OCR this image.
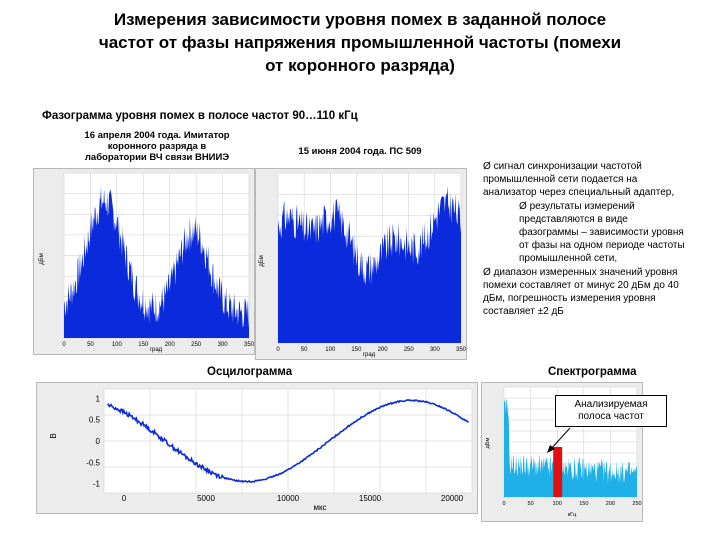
Измерения зависимости уровня помех в заданной полосе
частот от фазы напряжения промышленной частоты (помехи
от коронного разряда)
Фазограмма уровня помех в полосе частот 90…110 кГц
16 апреля 2004 года. Имитатор
коронного разряда в
лаборатории ВЧ связи ВНИИЭ
15 июня 2004 года. ПС 509
0	50	100	150	200	250	300	350
град
дБм
0	50	100	150	200	250	300	350
град
дБм

Ø сигнал синхронизации частотой промышленной сети подается на анализатор через специальный адаптер,

Ø результаты измерений представляются в виде фазограммы – зависимости уровня от фазы на одном периоде частоты промышленной сети,

Ø диапазон измеренных значений уровня помехи составляет от минус 20 дБм до 40 дБм, погрешность измерения уровня составляет ±2 дБ

Осцилограмма	Спектрограмма
1
0.5
0
-0.5
-1
0	5000	10000	15000	20000
В
мкс	0	50	100	150	200	250
кГц
дБм
Анализируемая полоса частот
